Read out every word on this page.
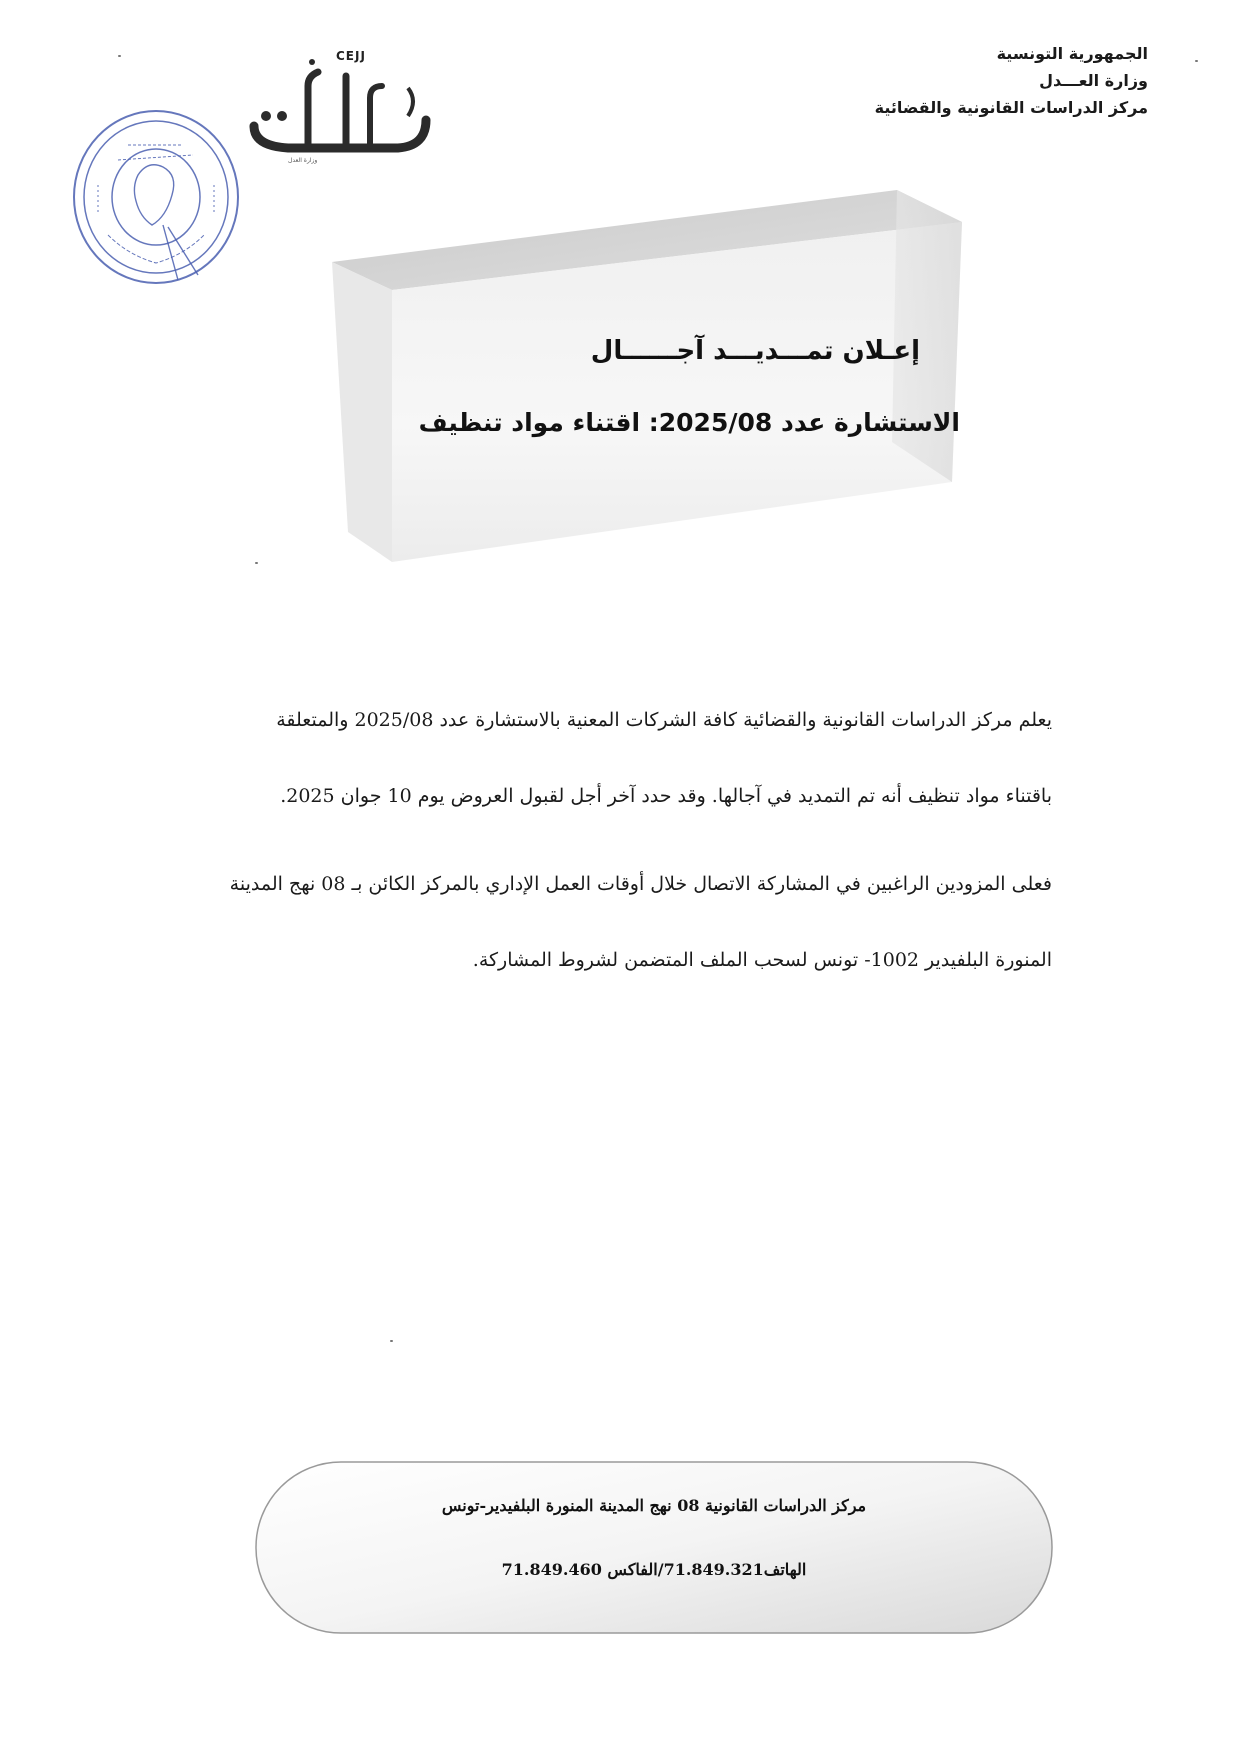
الجمهورية التونسية
وزارة العـــدل
مركز الدراسات القانونية والقضائية
CEJJ
وزارة العدل
إعـلان تمـــديـــد آجــــــال
الاستشارة عدد 2025/08: اقتناء مواد تنظيف
يعلم مركز الدراسات القانونية والقضائية كافة الشركات المعنية بالاستشارة عدد 2025/08 والمتعلقة
باقتناء مواد تنظيف أنه تم التمديد في آجالها. وقد حدد آخر أجل لقبول العروض يوم 10 جوان 2025.
فعلى المزودين الراغبين في المشاركة الاتصال خلال أوقات العمل الإداري بالمركز الكائن بـ 08 نهج المدينة
المنورة البلفيدير 1002- تونس لسحب الملف المتضمن لشروط المشاركة.
مركز الدراسات القانونية 08 نهج المدينة المنورة البلفيدير-تونس
الهاتف71.849.321/الفاكس 71.849.460
